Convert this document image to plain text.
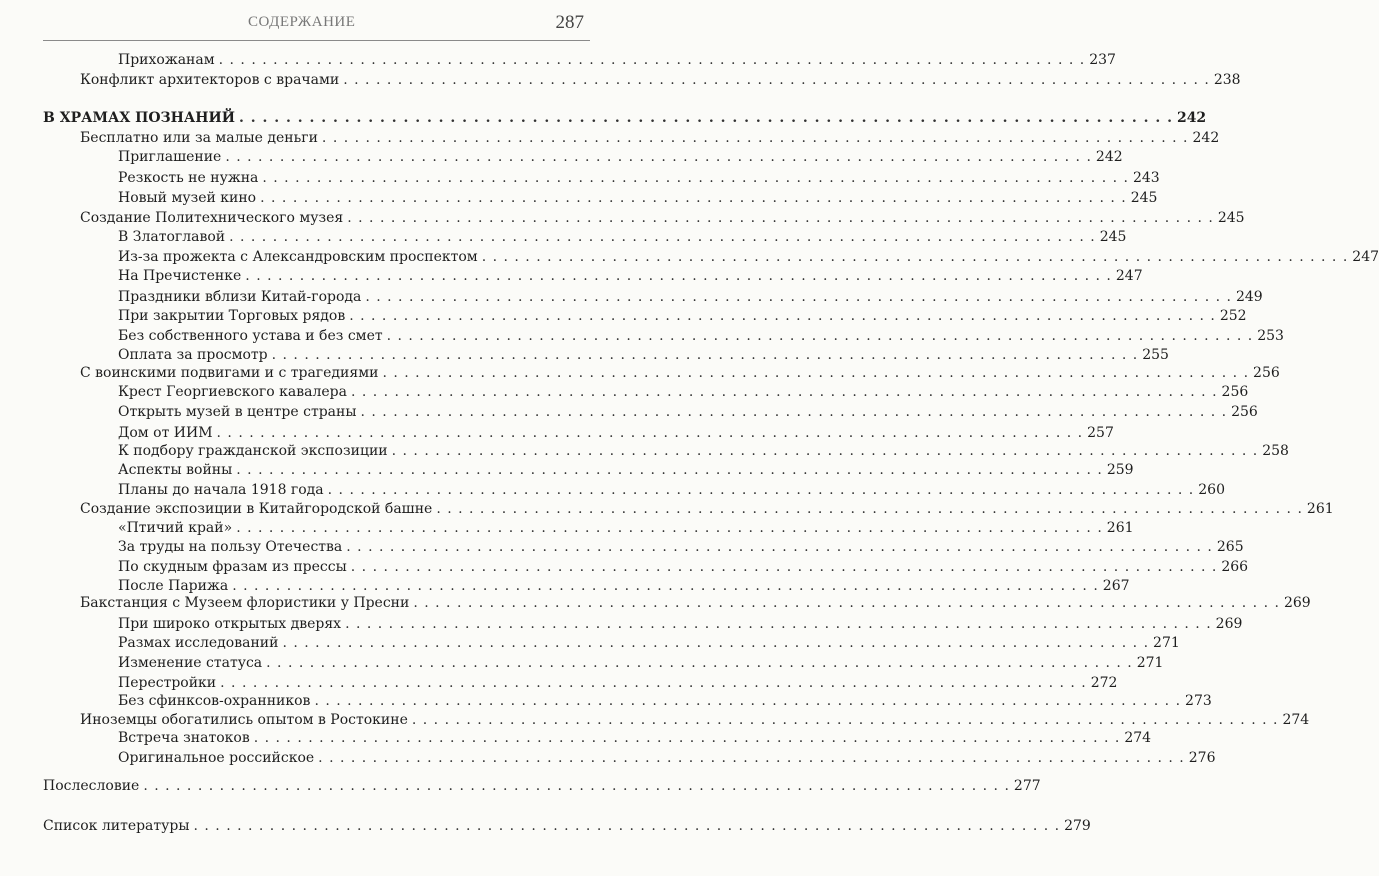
СОДЕРЖАНИЕ	287
Прихожанам . . . . . . . . . . . . . . . . . . . . . . . . . . . . . . . . . . . . . . . . . . . . . . . . . . . . . . . . . . . . . . . . . . . . . . . . . . . . . . . . 237
Конфликт архитекторов с врачами . . . . . . . . . . . . . . . . . . . . . . . . . . . . . . . . . . . . . . . . . . . . . . . . . . . . . . . . . . . . . . . . . . . . . . . . . . . . . . . . 238
В ХРАМАХ ПОЗНАНИЙ . . . . . . . . . . . . . . . . . . . . . . . . . . . . . . . . . . . . . . . . . . . . . . . . . . . . . . . . . . . . . . . . . . . . . . . . . . . . . . . . 242
Бесплатно или за малые деньги . . . . . . . . . . . . . . . . . . . . . . . . . . . . . . . . . . . . . . . . . . . . . . . . . . . . . . . . . . . . . . . . . . . . . . . . . . . . . . . . 242
Приглашение . . . . . . . . . . . . . . . . . . . . . . . . . . . . . . . . . . . . . . . . . . . . . . . . . . . . . . . . . . . . . . . . . . . . . . . . . . . . . . . . 242
Резкость не нужна . . . . . . . . . . . . . . . . . . . . . . . . . . . . . . . . . . . . . . . . . . . . . . . . . . . . . . . . . . . . . . . . . . . . . . . . . . . . . . . . 243
Новый музей кино . . . . . . . . . . . . . . . . . . . . . . . . . . . . . . . . . . . . . . . . . . . . . . . . . . . . . . . . . . . . . . . . . . . . . . . . . . . . . . . . 245
Создание Политехнического музея . . . . . . . . . . . . . . . . . . . . . . . . . . . . . . . . . . . . . . . . . . . . . . . . . . . . . . . . . . . . . . . . . . . . . . . . . . . . . . . . 245
В Златоглавой . . . . . . . . . . . . . . . . . . . . . . . . . . . . . . . . . . . . . . . . . . . . . . . . . . . . . . . . . . . . . . . . . . . . . . . . . . . . . . . . 245
Из-за прожекта с Александровским проспектом . . . . . . . . . . . . . . . . . . . . . . . . . . . . . . . . . . . . . . . . . . . . . . . . . . . . . . . . . . . . . . . . . . . . . . . . . . . . . . . . 247
На Пречистенке . . . . . . . . . . . . . . . . . . . . . . . . . . . . . . . . . . . . . . . . . . . . . . . . . . . . . . . . . . . . . . . . . . . . . . . . . . . . . . . . 247
Праздники вблизи Китай-города . . . . . . . . . . . . . . . . . . . . . . . . . . . . . . . . . . . . . . . . . . . . . . . . . . . . . . . . . . . . . . . . . . . . . . . . . . . . . . . . 249
При закрытии Торговых рядов . . . . . . . . . . . . . . . . . . . . . . . . . . . . . . . . . . . . . . . . . . . . . . . . . . . . . . . . . . . . . . . . . . . . . . . . . . . . . . . . 252
Без собственного устава и без смет . . . . . . . . . . . . . . . . . . . . . . . . . . . . . . . . . . . . . . . . . . . . . . . . . . . . . . . . . . . . . . . . . . . . . . . . . . . . . . . . 253
Оплата за просмотр . . . . . . . . . . . . . . . . . . . . . . . . . . . . . . . . . . . . . . . . . . . . . . . . . . . . . . . . . . . . . . . . . . . . . . . . . . . . . . . . 255
С воинскими подвигами и с трагедиями . . . . . . . . . . . . . . . . . . . . . . . . . . . . . . . . . . . . . . . . . . . . . . . . . . . . . . . . . . . . . . . . . . . . . . . . . . . . . . . . 256
Крест Георгиевского кавалера . . . . . . . . . . . . . . . . . . . . . . . . . . . . . . . . . . . . . . . . . . . . . . . . . . . . . . . . . . . . . . . . . . . . . . . . . . . . . . . . 256
Открыть музей в центре страны . . . . . . . . . . . . . . . . . . . . . . . . . . . . . . . . . . . . . . . . . . . . . . . . . . . . . . . . . . . . . . . . . . . . . . . . . . . . . . . . 256
Дом от ИИМ . . . . . . . . . . . . . . . . . . . . . . . . . . . . . . . . . . . . . . . . . . . . . . . . . . . . . . . . . . . . . . . . . . . . . . . . . . . . . . . . 257
К подбору гражданской экспозиции . . . . . . . . . . . . . . . . . . . . . . . . . . . . . . . . . . . . . . . . . . . . . . . . . . . . . . . . . . . . . . . . . . . . . . . . . . . . . . . . 258
Аспекты войны . . . . . . . . . . . . . . . . . . . . . . . . . . . . . . . . . . . . . . . . . . . . . . . . . . . . . . . . . . . . . . . . . . . . . . . . . . . . . . . . 259
Планы до начала 1918 года . . . . . . . . . . . . . . . . . . . . . . . . . . . . . . . . . . . . . . . . . . . . . . . . . . . . . . . . . . . . . . . . . . . . . . . . . . . . . . . . 260
Создание экспозиции в Китайгородской башне . . . . . . . . . . . . . . . . . . . . . . . . . . . . . . . . . . . . . . . . . . . . . . . . . . . . . . . . . . . . . . . . . . . . . . . . . . . . . . . . 261
«Птичий край» . . . . . . . . . . . . . . . . . . . . . . . . . . . . . . . . . . . . . . . . . . . . . . . . . . . . . . . . . . . . . . . . . . . . . . . . . . . . . . . . 261
За труды на пользу Отечества . . . . . . . . . . . . . . . . . . . . . . . . . . . . . . . . . . . . . . . . . . . . . . . . . . . . . . . . . . . . . . . . . . . . . . . . . . . . . . . . 265
По скудным фразам из прессы . . . . . . . . . . . . . . . . . . . . . . . . . . . . . . . . . . . . . . . . . . . . . . . . . . . . . . . . . . . . . . . . . . . . . . . . . . . . . . . . 266
После Парижа . . . . . . . . . . . . . . . . . . . . . . . . . . . . . . . . . . . . . . . . . . . . . . . . . . . . . . . . . . . . . . . . . . . . . . . . . . . . . . . . 267
Бакстанция с Музеем флористики у Пресни . . . . . . . . . . . . . . . . . . . . . . . . . . . . . . . . . . . . . . . . . . . . . . . . . . . . . . . . . . . . . . . . . . . . . . . . . . . . . . . . 269
При широко открытых дверях . . . . . . . . . . . . . . . . . . . . . . . . . . . . . . . . . . . . . . . . . . . . . . . . . . . . . . . . . . . . . . . . . . . . . . . . . . . . . . . . 269
Размах исследований . . . . . . . . . . . . . . . . . . . . . . . . . . . . . . . . . . . . . . . . . . . . . . . . . . . . . . . . . . . . . . . . . . . . . . . . . . . . . . . . 271
Изменение статуса . . . . . . . . . . . . . . . . . . . . . . . . . . . . . . . . . . . . . . . . . . . . . . . . . . . . . . . . . . . . . . . . . . . . . . . . . . . . . . . . 271
Перестройки . . . . . . . . . . . . . . . . . . . . . . . . . . . . . . . . . . . . . . . . . . . . . . . . . . . . . . . . . . . . . . . . . . . . . . . . . . . . . . . . 272
Без сфинксов-охранников . . . . . . . . . . . . . . . . . . . . . . . . . . . . . . . . . . . . . . . . . . . . . . . . . . . . . . . . . . . . . . . . . . . . . . . . . . . . . . . . 273
Иноземцы обогатились опытом в Ростокине . . . . . . . . . . . . . . . . . . . . . . . . . . . . . . . . . . . . . . . . . . . . . . . . . . . . . . . . . . . . . . . . . . . . . . . . . . . . . . . . 274
Встреча знатоков . . . . . . . . . . . . . . . . . . . . . . . . . . . . . . . . . . . . . . . . . . . . . . . . . . . . . . . . . . . . . . . . . . . . . . . . . . . . . . . . 274
Оригинальное российское . . . . . . . . . . . . . . . . . . . . . . . . . . . . . . . . . . . . . . . . . . . . . . . . . . . . . . . . . . . . . . . . . . . . . . . . . . . . . . . . 276
Послесловие . . . . . . . . . . . . . . . . . . . . . . . . . . . . . . . . . . . . . . . . . . . . . . . . . . . . . . . . . . . . . . . . . . . . . . . . . . . . . . . . 277
Список литературы . . . . . . . . . . . . . . . . . . . . . . . . . . . . . . . . . . . . . . . . . . . . . . . . . . . . . . . . . . . . . . . . . . . . . . . . . . . . . . . . 279
